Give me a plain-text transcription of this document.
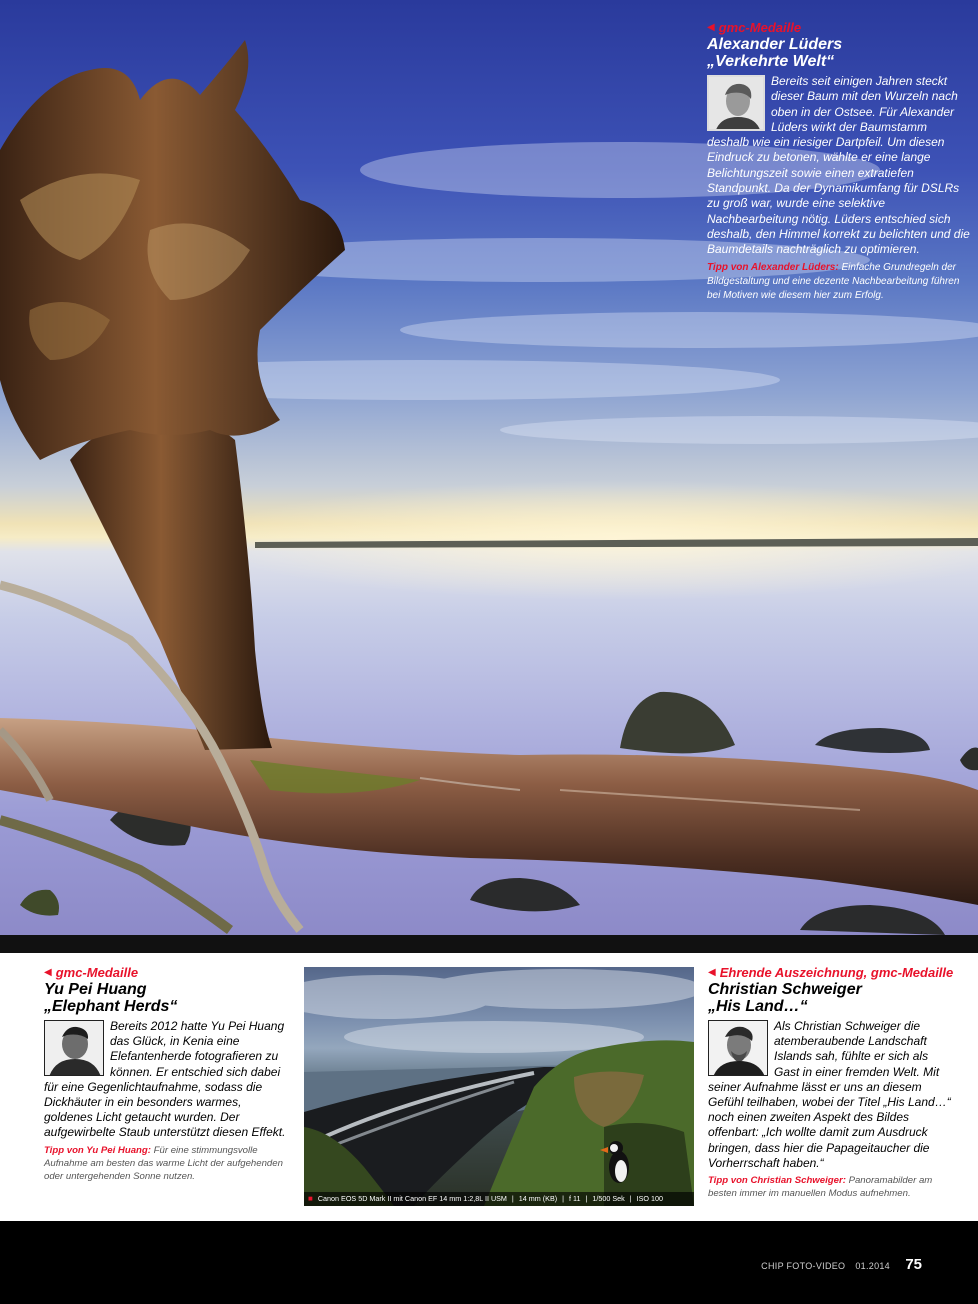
◀ gmc-Medaille
Alexander Lüders
„Verkehrte Welt“
Bereits seit einigen Jahren steckt dieser Baum mit den Wurzeln nach oben in der Ostsee. Für Alexander Lüders wirkt der Baumstamm deshalb wie ein riesiger Dartpfeil. Um diesen Eindruck zu betonen, wählte er eine lange Belichtungszeit sowie einen extratiefen Standpunkt. Da der Dynamikumfang für DSLRs zu groß war, wurde eine selektive Nachbearbeitung nötig. Lüders entschied sich deshalb, den Himmel korrekt zu belichten und die Baumdetails nachträglich zu optimieren.
Tipp von Alexander Lüders: Einfache Grundregeln der Bildgestaltung und eine dezente Nachbearbeitung führen bei Motiven wie diesem hier zum Erfolg.
◀ gmc-Medaille
Yu Pei Huang
„Elephant Herds“
Bereits 2012 hatte Yu Pei Huang das Glück, in Kenia eine Elefantenherde fotografieren zu können. Er entschied sich dabei für eine Gegenlichtaufnahme, sodass die Dickhäuter in ein besonders warmes, goldenes Licht getaucht wurden. Der aufgewirbelte Staub unterstützt diesen Effekt.
Tipp von Yu Pei Huang: Für eine stimmungsvolle Aufnahme am besten das warme Licht der aufgehenden oder untergehenden Sonne nutzen.
■ Canon EOS 5D Mark II mit Canon EF 14 mm 1:2,8L II USM | 14 mm (KB) | f 11 | 1/500 Sek | ISO 100
◀ Ehrende Auszeichnung, gmc-Medaille
Christian Schweiger
„His Land…“
Als Christian Schweiger die atemberaubende Landschaft Islands sah, fühlte er sich als Gast in einer fremden Welt. Mit seiner Aufnahme lässt er uns an diesem Gefühl teilhaben, wobei der Titel „His Land…“ noch einen zweiten Aspekt des Bildes offenbart: „Ich wollte damit zum Ausdruck bringen, dass hier die Papageitaucher die Vorherrschaft haben.“
Tipp von Christian Schweiger: Panoramabilder am besten immer im manuellen Modus aufnehmen.
CHIP FOTO-VIDEO 01.2014 75
